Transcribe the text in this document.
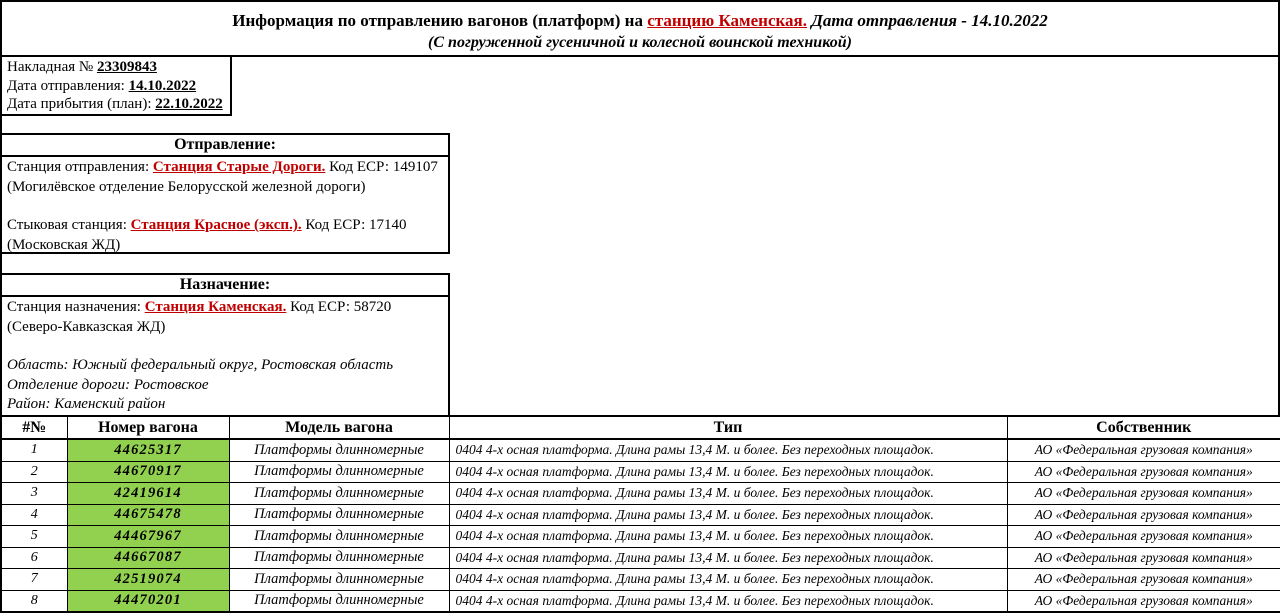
Информация по отправлению вагонов (платформ) на станцию Каменская. Дата отправления - 14.10.2022
(С погруженной гусеничной и колесной воинской техникой)
Накладная № 23309843
Дата отправления: 14.10.2022
Дата прибытия (план): 22.10.2022
Отправление:
Станция отправления: Станция Старые Дороги. Код ЕСР: 149107
(Могилёвское отделение Белорусской железной дороги)
Стыковая станция: Станция Красное (эксп.). Код ЕСР: 17140
(Московская ЖД)
Назначение:
Станция назначения: Станция Каменская. Код ЕСР: 58720
(Северо-Кавказская ЖД)
Область: Южный федеральный округ, Ростовская область
Отделение дороги: Ростовское
Район: Каменский район
#№	Номер вагона	Модель вагона	Тип	Собственник
1	44625317	Платформы длинномерные	0404 4-х осная платформа. Длина рамы 13,4 М. и более. Без переходных площадок.	АО «Федеральная грузовая компания»
2	44670917	Платформы длинномерные	0404 4-х осная платформа. Длина рамы 13,4 М. и более. Без переходных площадок.	АО «Федеральная грузовая компания»
3	42419614	Платформы длинномерные	0404 4-х осная платформа. Длина рамы 13,4 М. и более. Без переходных площадок.	АО «Федеральная грузовая компания»
4	44675478	Платформы длинномерные	0404 4-х осная платформа. Длина рамы 13,4 М. и более. Без переходных площадок.	АО «Федеральная грузовая компания»
5	44467967	Платформы длинномерные	0404 4-х осная платформа. Длина рамы 13,4 М. и более. Без переходных площадок.	АО «Федеральная грузовая компания»
6	44667087	Платформы длинномерные	0404 4-х осная платформа. Длина рамы 13,4 М. и более. Без переходных площадок.	АО «Федеральная грузовая компания»
7	42519074	Платформы длинномерные	0404 4-х осная платформа. Длина рамы 13,4 М. и более. Без переходных площадок.	АО «Федеральная грузовая компания»
8	44470201	Платформы длинномерные	0404 4-х осная платформа. Длина рамы 13,4 М. и более. Без переходных площадок.	АО «Федеральная грузовая компания»
